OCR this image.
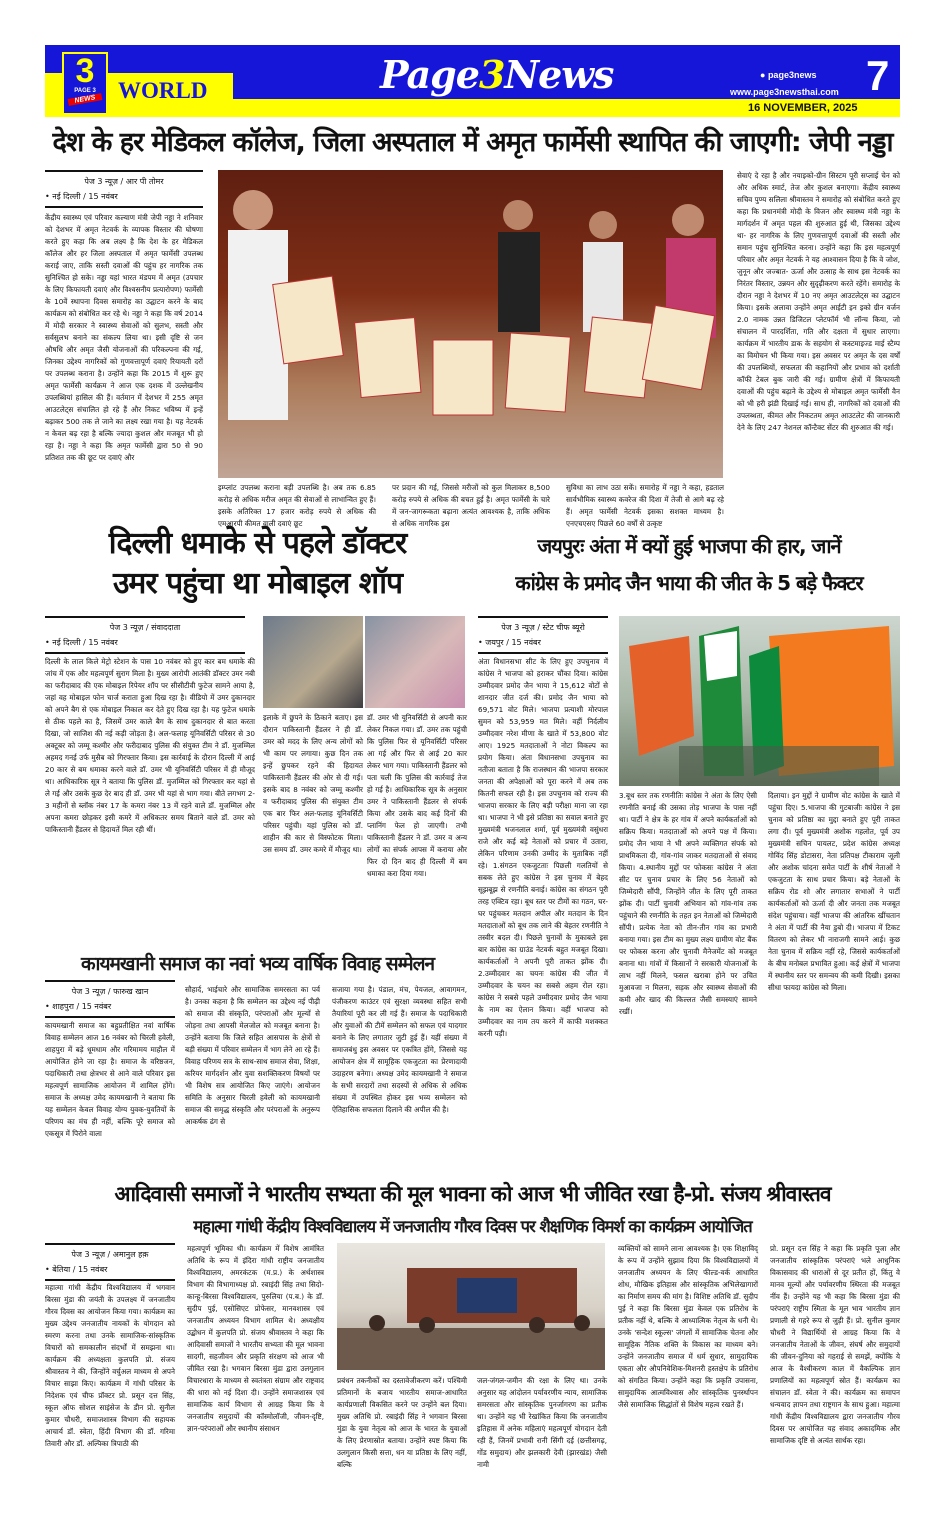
3
PAGE 3
NEWS WORLD	Page3News	● page3news
www.page3newsthai.com 7
16 NOVEMBER, 2025
देश के हर मेडिकल कॉलेज, जिला अस्पताल में अमृत फार्मेसी स्थापित की जाएगी: जेपी नड्डा
पेज 3 न्यूज़ / आर पी तोमर
• नई दिल्ली / 15 नवंबर
केंद्रीय स्वास्थ्य एवं परिवार कल्याण मंत्री जेपी नड्डा ने शनिवार को देशभर में अमृत नेटवर्क के व्यापक विस्तार की घोषणा करते हुए कहा कि अब लक्ष्य है कि देश के हर मेडिकल कॉलेज और हर जिला अस्पताल में अमृत फार्मेसी उपलब्ध कराई जाए, ताकि सस्ती दवाओं की पहुंच हर नागरिक तक सुनिश्चित हो सके। नड्डा यहां भारत मंडपम में अमृत (उपचार के लिए किफायती दवाएं और विश्वसनीय प्रत्यारोपण) फार्मेसी के 10वें स्थापना दिवस समारोह का उद्घाटन करने के बाद कार्यक्रम को संबोधित कर रहे थे। नड्डा ने कहा कि वर्ष 2014 में मोदी सरकार ने स्वास्थ्य सेवाओं को सुलभ, सस्ती और सर्वसुलभ बनाने का संकल्प लिया था। इसी दृष्टि से जन औषधि और अमृत जैसी योजनाओं की परिकल्पना की गई, जिनका उद्देश्य नागरिकों को गुणवत्तापूर्ण दवाएं रियायती दरों पर उपलब्ध कराना है। उन्होंने कहा कि 2015 में शुरू हुए अमृत फार्मेसी कार्यक्रम ने आज एक दशक में उल्लेखनीय उपलब्धियां हासिल की हैं। वर्तमान में देशभर में 255 अमृत आउटलेट्स संचालित हो रहे हैं और निकट भविष्य में इन्हें बढ़ाकर 500 तक ले जाने का लक्ष्य रखा गया है। यह नेटवर्क न केवल बढ़ रहा है बल्कि ज्यादा कुशल और मजबूत भी हो रहा है। नड्डा ने कहा कि अमृत फार्मेसी द्वारा 50 से 90 प्रतिशत तक की छूट पर दवाएं और
इम्प्लांट उपलब्ध कराना बड़ी उपलब्धि है। अब तक 6.85 करोड़ से अधिक मरीज अमृत की सेवाओं से लाभान्वित हुए हैं। इसके अतिरिक्त 17 हजार करोड़ रुपये से अधिक की एमआरपी कीमत वाली दवाएं छूट
पर प्रदान की गई, जिससे मरीजों को कुल मिलाकर 8,500 करोड़ रुपये से अधिक की बचत हुई है। अमृत फार्मेसी के चारे में जन-जागरूकता बढ़ाना अत्यंत आवश्यक है, ताकि अधिक से अधिक नागरिक इस
सुविधा का लाभ उठा सकें। समारोह में नड्डा ने कहा, हडताल सार्वभौमिक स्वास्थ्य कवरेज की दिशा में तेजी से आगे बढ़ रहे हैं। अमृत फार्मेसी नेटवर्क इसका सशक्त माध्यम है। एनएचएसए पिछले 60 वर्षों से उत्कृष्ट
सेवाएं दे रहा है और नयाइको-ग्रीन सिस्टम पूरी सप्लाई चेन को और अधिक स्मार्ट, तेज और कुशल बनाएगा। केंद्रीय स्वास्थ्य सचिव पुण्य सलिला श्रीवास्तव ने समारोह को संबोधित करते हुए कहा कि प्रधानमंत्री मोदी के विजन और स्वास्थ्य मंत्री नड्डा के मार्गदर्शन में अमृत पहल की शुरुआत हुई थी, जिसका उद्देश्य था- हर नागरिक के लिए गुणवत्तापूर्ण दवाओं की सस्ती और समान पहुंच सुनिश्चित करना। उन्होंने कहा कि इस महत्वपूर्ण परिवार और अमृत नेटवर्क ने यह आश्वासन दिया है कि वे जोश, जुनून और जज्बात- ऊर्जा और उत्साह के साथ इस नेटवर्क का निरंतर विस्तार, उन्नयन और सुदृढ़ीकरण करते रहेंगे। समारोह के दौरान नड्डा ने देशभर में 10 नए अमृत आउटलेट्स का उद्घाटन किया। इसके अलावा उन्होंने अमृत आईटी इन इको ग्रीन वर्जन 2.0 नामक उन्नत डिजिटल प्लेटफॉर्म भी लॉन्च किया, जो संचालन में पारदर्शिता, गति और दक्षता में सुधार लाएगा। कार्यक्रम में भारतीय डाक के सहयोग से कस्टमाइज्ड माई स्टैम्प का विमोचन भी किया गया। इस अवसर पर अमृत के दस वर्षों की उपलब्धियों, सफलता की कहानियों और प्रभाव को दर्शाती कॉफी टेबल बुक जारी की गई। ग्रामीण क्षेत्रों में किफायती दवाओं की पहुंच बढ़ाने के उद्देश्य से मोबाइल अमृत फार्मेसी वैन को भी हरी झंडी दिखाई गई। साथ ही, नागरिकों को दवाओं की उपलब्धता, कीमत और निकटतम अमृत आउटलेट की जानकारी देने के लिए 247 नेशनल कॉन्टैक्ट सेंटर की शुरुआत की गई।
दिल्ली धमाके से पहले डॉक्टर
उमर पहुंचा था मोबाइल शॉप
पेज 3 न्यूज़ / संवाददाता
• नई दिल्ली / 15 नवंबर
दिल्ली के लाल किले मेट्रो स्टेशन के पास 10 नवंबर को हुए कार बम धमाके की जांच में एक और महत्वपूर्ण सुराग मिला है। मुख्य आरोपी आतंकी डॉक्टर उमर नबी का फरीदाबाद की एक मोबाइल रिपेयर शॉप पर सीसीटीवी फुटेज सामने आया है, जहां वह मोबाइल फोन चार्ज कराता हुआ दिख रहा है। वीडियो में उमर दुकानदार को अपने बैग से एक मोबाइल निकाल कर देते हुए दिख रहा है। यह फुटेज धमाके से ठीक पहले का है, जिसमें उमर काले बैग के साथ दुकानदार से बात करता दिखा, जो साजिश की नई कड़ी जोड़ता है। अल-फलाह यूनिवर्सिटी परिसर से 30 अक्टूबर को जम्मू कश्मीर और फरीदाबाद पुलिस की संयुक्त टीम ने डॉ. मुजम्मिल अहमद गनई उर्फ मुसैब को गिरफ्तार किया। इस कार्रवाई के दौरान दिल्ली में आई 20 कार से बम धमाका करने वाले डॉ. उमर भी यूनिवर्सिटी परिसर में ही मौजूद था। आधिकारिक सूत्र ने बताया कि पुलिस डॉ. मुजम्मिल को गिरफ्तार कर यहां से ले गई और उसके कुछ देर बाद ही डॉ. उमर भी यहां से भाग गया। बीते लगभग 2-3 महीनों से ब्लॉक नंबर 17 के कमरा नंबर 13 में रहने वाले डॉ. मुजम्मिल और अपना कमरा छोड़कर इसी कमरे में अधिकतर समय बिताने वाले डॉ. उमर को पाकिस्तानी हैंडलर से हिदायतें मिल रही थीं।
इलाके में छुपने के ठिकाने बताए। इस दौरान पाकिस्तानी हैंडलर ने ही डॉ. उमर को मदद के लिए अन्य लोगों को भी काम पर लगाया। कुछ दिन तक इन्हें छुपकर रहने की हिदायत पाकिस्तानी हैंडलर की ओर से दी गई। इसके बाद 8 नवंबर को जम्मू कश्मीर व फरीदाबाद पुलिस की संयुक्त टीम एक बार फिर अल-फलाह यूनिवर्सिटी परिसर पहुंची। यहां पुलिस को डॉ. शाहीन की कार से विस्फोटक मिला। उस समय डॉ. उमर कमरे में मौजूद था।
डॉ. उमर भी यूनिवर्सिटी से अपनी कार लेकर निकल गया। डॉ. उमर तक पहुंची कि पुलिस फिर से यूनिवर्सिटी परिसर आ गई और फिर से आई 20 कार लेकर भाग गया। पाकिस्तानी हैंडलर को पता चली कि पुलिस की कार्रवाई तेज हो गई है। आधिकारिक सूत्र के अनुसार उमर ने पाकिस्तानी हैंडलर से संपर्क किया और उसके बाद कई दिनों की प्लानिंग फेल हो जाएगी। तभी पाकिस्तानी हैंडलर ने डॉ. उमर व अन्य लोगों का संपर्क आपस में कराया और फिर दो दिन बाद ही दिल्ली में बम धमाका करा दिया गया।
जयपुरः अंता में क्यों हुई भाजपा की हार, जानें
कांग्रेस के प्रमोद जैन भाया की जीत के 5 बड़े फैक्टर
पेज 3 न्यूज़ / स्टेट चीफ ब्यूरो
• जयपुर / 15 नवंबर
अंता विधानसभा सीट के लिए हुए उपचुनाव में कांग्रेस ने भाजपा को हराकर चौंका दिया। कांग्रेस उम्मीदवार प्रमोद जैन भाया ने 15,612 वोटों से शानदार जीत दर्ज की। प्रमोद जैन भाया को 69,571 वोट मिले। भाजपा प्रत्याशी मोरपाल सुमन को 53,959 मत मिले। वहीं निर्दलीय उम्मीदवार नरेश मीणा के खाते में 53,800 वोट आए। 1925 मतदाताओं ने नोटा विकल्प का प्रयोग किया। अंता विधानसभा उपचुनाव का नतीजा बताता है कि राजस्थान की भाजपा सरकार जनता की अपेक्षाओं को पूरा करने में अब तक कितनी सफल रही है। इस उपचुनाव को राज्य की भाजपा सरकार के लिए बड़ी परीक्षा माना जा रहा था। भाजपा ने भी इसे प्रतिष्ठा का सवाल बनाते हुए मुख्यमंत्री भजनलाल शर्मा, पूर्व मुख्यमंत्री वसुंधरा राजे और कई बड़े नेताओं को प्रचार में उतारा, लेकिन परिणाम उनकी उम्मीद के मुताबिक नहीं रहे। 1.संगठन एकजुटताः पिछली गलतियों से सबक लेते हुए कांग्रेस ने इस चुनाव में बेहद सूझबूझ से रणनीति बनाई। कांग्रेस का संगठन पूरी तरह एक्टिव रहा। बूथ स्तर पर टीमों का गठन, घर-घर पहुंचकर मतदान अपील और मतदान के दिन मतदाताओं को बूथ तक लाने की बेहतर रणनीति ने तस्वीर बदल दी। पिछले चुनावों के मुकाबले इस बार कांग्रेस का ग्राउंड नेटवर्क बहुत मजबूत दिखा। कार्यकर्ताओं ने अपनी पूरी ताकत झोंक दी। 2.उम्मीदवार का चयनः कांग्रेस की जीत में उम्मीदवार के चयन का सबसे अहम रोल रहा। कांग्रेस ने सबसे पहले उम्मीदवार प्रमोद जैन भाया के नाम का ऐलान किया। वहीं भाजपा को उम्मीदवार का नाम तय करने में काफी मशक्कत करनी पड़ी।
3.बूथ स्तर तक रणनीतिः कांग्रेस ने अंता के लिए ऐसी रणनीति बनाई की उसका तोड़ भाजपा के पास नहीं था। पार्टी ने क्षेत्र के हर गांव में अपने कार्यकर्ताओं को सक्रिय किया। मतदाताओं को अपने पक्ष में किया। प्रमोद जैन भाया ने भी अपने व्यक्तिगत संपर्क को प्राथमिकता दी, गांव-गांव जाकर मतदाताओं से संवाद किया। 4.स्थानीय मुद्दों पर फोकसः कांग्रेस ने अंता सीट पर चुनाव प्रचार के लिए 56 नेताओं को जिम्मेदारी सौंपी, जिन्होंने जीत के लिए पूरी ताकत झोंक दी। पार्टी चुनावी अभियान को गांव-गांव तक पहुंचाने की रणनीति के तहत इन नेताओं को जिम्मेदारी सौंपी। प्रत्येक नेता को तीन-तीन गांव का प्रभारी बनाया गया। इस टीम का मुख्य लक्ष्य ग्रामीण वोट बैंक पर फोकस करना और चुनावी मैनेजमेंट को मजबूत बनाना था। गांवों में किसानों ने सरकारी योजनाओं के लाभ नहीं मिलने, फसल खराबा होने पर उचित मुआवजा न मिलना, सड़क और स्वास्थ्य सेवाओं की कमी और खाद की किल्लत जैसी समस्याएं सामने रखीं।
दिलाया। इन मुद्दों ने ग्रामीण वोट कांग्रेस के खाते में पहुंचा दिए। 5.भाजपा की गुटबाजीः कांग्रेस ने इस चुनाव को प्रतिष्ठा का मुद्दा बनाते हुए पूरी ताकत लगा दी। पूर्व मुख्यमंत्री अशोक गहलोत, पूर्व उप मुख्यमंत्री सचिन पायलट, प्रदेश कांग्रेस अध्यक्ष गोविंद सिंह डोटासरा, नेता प्रतिपक्ष टीकाराम जूली और अशोक चांदना समेत पार्टी के शीर्ष नेताओं ने एकजुटता के साथ प्रचार किया। बड़े नेताओं के सक्रिय रोड शो और लगातार सभाओं ने पार्टी कार्यकर्ताओं को ऊर्जा दी और जनता तक मजबूत संदेश पहुंचाया। वहीं भाजपा की आंतरिक खींचतान ने अंता में पार्टी की नैया डुबो दी। भाजपा में टिकट वितरण को लेकर भी नाराजगी सामने आई। कुछ नेता चुनाव में सक्रिय नहीं रहे, जिससे कार्यकर्ताओं के बीच मनोबल प्रभावित हुआ। कई क्षेत्रों में भाजपा में स्थानीय स्तर पर समन्वय की कमी दिखी। इसका सीधा फायदा कांग्रेस को मिला।
कायमखानी समाज का नवां भव्य वार्षिक विवाह सम्मेलन
पेज 3 न्यूज़ / फारुख खान
• शाहपुरा / 15 नवंबर
कायमखानी समाज का बहुप्रतीक्षित नवां वार्षिक विवाह सम्मेलन आज 16 नवंबर को चिरली हवेली, शाहपुरा में बड़े धूमधाम और गरिमामय माहौल में आयोजित होने जा रहा है। समाज के वरिष्ठजन, पदाधिकारी तथा क्षेत्रभर से आने वाले परिवार इस महत्वपूर्ण सामाजिक आयोजन में शामिल होंगे। समाज के अध्यक्ष उमेद कायमखानी ने बताया कि यह सम्मेलन केवल विवाह योग्य युवक-युवतियों के परिणय का मंच ही नहीं, बल्कि पूरे समाज को एकसूत्र में पिरोने वाला
सौहार्द, भाईचारे और सामाजिक समरसता का पर्व है। उनका कहना है कि सम्मेलन का उद्देश्य नई पीढ़ी को समाज की संस्कृति, परंपराओं और मूल्यों से जोड़ना तथा आपसी मेलजोल को मजबूत बनाना है। उन्होंने बताया कि जिले सहित आसपास के क्षेत्रों से बड़ी संख्या में परिवार सम्मेलन में भाग लेने आ रहे हैं। विवाह परिणय सत्र के साथ-साथ समाज सेवा, शिक्षा, करियर मार्गदर्शन और युवा सशक्तिकरण विषयों पर भी विशेष सत्र आयोजित किए जाएंगे। आयोजन समिति के अनुसार चिरली हवेली को कायमखानी समाज की समृद्ध संस्कृति और परंपराओं के अनुरूप आकर्षक ढंग से
सजाया गया है। पंडाल, मंच, पेयजल, आवागमन, पंजीकरण काउंटर एवं सुरक्षा व्यवस्था सहित सभी तैयारियां पूरी कर ली गई हैं। समाज के पदाधिकारी और युवाओं की टीमें सम्मेलन को सफल एवं यादगार बनाने के लिए लगातार जुटी हुई हैं। यहीं संख्या में समाजबंधु इस अवसर पर एकत्रित होंगे, जिससे यह आयोजन क्षेत्र में सामूहिक एकजुटता का प्रेरणादायी उदाहरण बनेगा। अध्यक्ष उमेद कायमखानी ने समाज के सभी सरदारों तथा सदस्यों से अधिक से अधिक संख्या में उपस्थित होकर इस भव्य सम्मेलन को ऐतिहासिक सफलता दिलाने की अपील की है।
आदिवासी समाजों ने भारतीय सभ्यता की मूल भावना को आज भी जीवित रखा है-प्रो. संजय श्रीवास्तव
महात्मा गांधी केंद्रीय विश्वविद्यालय में जनजातीय गौरव दिवस पर शैक्षणिक विमर्श का कार्यक्रम आयोजित
पेज 3 न्यूज़ / अमानुल हक़
• बेतिया / 15 नवंबर
महात्मा गांधी केंद्रीय विश्वविद्यालय में भगवान बिरसा मुंडा की जयंती के उपलक्ष्य में जनजातीय गौरव दिवस का आयोजन किया गया। कार्यक्रम का मुख्य उद्देश्य जनजातीय नायकों के योगदान को स्मरण करना तथा उनके सामाजिक-सांस्कृतिक विचारों को समकालीन संदर्भों में समझना था। कार्यक्रम की अध्यक्षता कुलपति प्रो. संजय श्रीवास्तव ने की, जिन्होंने वर्चुअल माध्यम से अपने विचार साझा किए। कार्यक्रम में गांधी परिसर के निदेशक एवं चीफ प्रॉक्टर प्रो. प्रसून दत्त सिंह, स्कूल ऑफ सोशल साइंसेज के डीन प्रो. सुनील कुमार चौधरी, समाजशास्त्र विभाग की सहायक आचार्य डॉ. स्वेता, हिंदी विभाग की डॉ. गरिमा तिवारी और डॉ. अल्पिका त्रिपाठी की
महत्वपूर्ण भूमिका थी। कार्यक्रम में विशेष आमंत्रित अतिथि के रूप में इंदिरा गांधी राष्ट्रीय जनजातीय विश्वविद्यालय, अमरकंटक (म.प्र.) के अर्थशास्त्र विभाग की विभागाध्यक्ष प्रो. रबाइंदी सिंह तथा सिदो-कान्हू-बिरसा विश्वविद्यालय, पुरुलिया (प.ब.) के डॉ. सुदीप पुई, एसोसिएट प्रोफेसर, मानवशास्त्र एवं जनजातीय अध्ययन विभाग शामिल थे। अध्यक्षीय उद्बोधन में कुलपति प्रो. संजय श्रीवास्तव ने कहा कि आदिवासी समाजों ने भारतीय सभ्यता की मूल भावना सादगी, सहजीवन और प्रकृति संरक्षण को आज भी जीवित रखा है। भगवान बिरसा मुंडा द्वारा उलगुलान विचारधारा के माध्यम से स्वतंत्रता संग्राम और राष्ट्रवाद की धारा को नई दिशा दी। उन्होंने समाजशास्त्र एवं सामाजिक कार्य विभाग से आग्रह किया कि वे जनजातीय समुदायों की कॉस्मोलॉजी, जीवन-दृष्टि, ज्ञान-परंपराओं और स्थानीय संसाधन
प्रबंधन तकनीकों का दस्तावेजीकरण करें। पश्चिमी प्रतिमानों के बजाय भारतीय समाज-आधारित कार्यप्रणाली विकसित करने पर उन्होंने बल दिया। मुख्य अतिथि प्रो. रबाइंदी सिंह ने भगवान बिरसा मुंडा के युवा नेतृत्व को आज के भारत के युवाओं के लिए प्रेरणास्रोत बताया। उन्होंने स्पष्ट किया कि उलगुलान किसी सत्ता, धन या प्रतिष्ठा के लिए नहीं, बल्कि
जल-जंगल-जमीन की रक्षा के लिए था। उनके अनुसार यह आंदोलन पर्यावरणीय न्याय, सामाजिक समरसता और सांस्कृतिक पुनर्जागरण का प्रतीक था। उन्होंने यह भी रेखांकित किया कि जनजातीय इतिहास में अनेक महिलाएं महत्वपूर्ण योगदान देती रही हैं, जिनमें प्रभावी रानी सिंगी दई (छत्तीसगढ़, गोंड समुदाय) और झलकारी देवी (झारखंड) जैसी नामी
व्यक्तियों को सामने लाना आवश्यक है। एक शिक्षाविद् के रूप में उन्होंने सुझाव दिया कि विश्वविद्यालयों में जनजातीय अध्ययन के लिए फील्ड-वर्क आधारित शोध, मौखिक इतिहास और सांस्कृतिक अभिलेखागारों का निर्माण समय की मांग है। विशिष्ट अतिथि डॉ. सुदीप पुई ने कहा कि बिरसा मुंडा केवल एक प्रतिरोध के प्रतीक नहीं थे, बल्कि वे आध्यात्मिक नेतृत्व के धनी थे। उनके 'सन्देश स्कूल्स' जंगलों में सामाजिक चेतना और सामूहिक नैतिक शक्ति के विकास का माध्यम बने। उन्होंने जनजातीय समाज में धर्म सुधार, सामुदायिक एकता और औपनिवेशिक-मिशनरी हस्तक्षेप के प्रतिरोध को संगठित किया। उन्होंने कहा कि प्रकृति उपासना, सामुदायिक आत्मविश्वास और सांस्कृतिक पुनर्स्थापन जैसे सामाजिक सिद्धांतों से विशेष महत्व रखते हैं।
प्रो. प्रसून दत्त सिंह ने कहा कि प्रकृति पूजा और जनजातीय सांस्कृतिक परंपराएं भले आधुनिक विकासवाद की धाराओं से दूर प्रतीत हों, किंतु वे मानव मूल्यों और पर्यावरणीय स्थिरता की मजबूत नींव हैं। उन्होंने यह भी कहा कि बिरसा मुंडा की परंपराएं राष्ट्रीय स्मिता के मूल भाव भारतीय ज्ञान प्रणाली से गहरे रूप से जुड़ी हैं। प्रो. सुनील कुमार चौधरी ने विद्यार्थियों से आग्रह किया कि वे जनजातीय नेताओं के जीवन, संघर्ष और समुदायों की जीवन-दुनिया को गहराई से समझें, क्योंकि ये आज के वैश्वीकरण काल में वैकल्पिक ज्ञान प्रणालियों का महत्वपूर्ण स्रोत हैं। कार्यक्रम का संचालन डॉ. स्वेता ने की। कार्यक्रम का समापन धन्यवाद ज्ञापन तथा राष्ट्रगान के साथ हुआ। महात्मा गांधी केंद्रीय विश्वविद्यालय द्वारा जनजातीय गौरव दिवस पर आयोजित यह संवाद अकादमिक और सामाजिक दृष्टि से अत्यंत सार्थक रहा।
